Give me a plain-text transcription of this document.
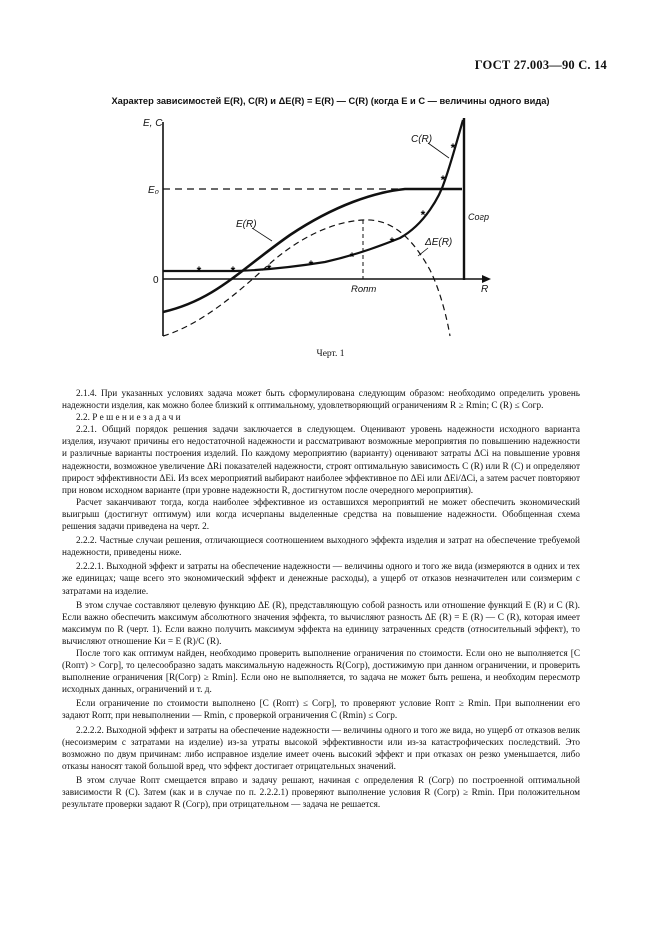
ГОСТ 27.003—90 С. 14
Характер зависимостей E(R), C(R) и ΔE(R) = E(R) — C(R) (когда E и C — величины одного вида)
* *	*	*
*
*
*
*
*
E, C
E₀
0
R
C(R)
E(R)
ΔE(R)
Cогр
Rопт
Черт. 1

2.1.4. При указанных условиях задача может быть сформулирована следующим образом: необходимо определить уровень надежности изделия, как можно более близкий к оптимальному, удовлетворяющий ограничениям R ≥ Rmin; C (R) ≤ Cогр.

2.2. Р е ш е н и е з а д а ч и

2.2.1. Общий порядок решения задачи заключается в следующем. Оценивают уровень надежности исходного варианта изделия, изучают причины его недостаточной надежности и рассматривают возможные мероприятия по повышению надежности и различные варианты построения изделий. По каждому мероприятию (варианту) оценивают затраты ΔCi на повышение уровня надежности, возможное увеличение ΔRi показателей надежности, строят оптимальную зависимость C (R) или R (C) и определяют прирост эффективности ΔEi. Из всех мероприятий выбирают наиболее эффективное по ΔEi или ΔEi/ΔCi, а затем расчет повторяют при новом исходном варианте (при уровне надежности R, достигнутом после очередного мероприятия).

Расчет заканчивают тогда, когда наиболее эффективное из оставшихся мероприятий не может обеспечить экономический выигрыш (достигнут оптимум) или когда исчерпаны выделенные средства на повышение надежности. Обобщенная схема решения задачи приведена на черт. 2.

2.2.2. Частные случаи решения, отличающиеся соотношением выходного эффекта изделия и затрат на обеспечение требуемой надежности, приведены ниже.

2.2.2.1. Выходной эффект и затраты на обеспечение надежности — величины одного и того же вида (измеряются в одних и тех же единицах; чаще всего это экономический эффект и денежные расходы), а ущерб от отказов незначителен или соизмерим с затратами на изделие.

В этом случае составляют целевую функцию ΔE (R), представляющую собой разность или отношение функций E (R) и C (R). Если важно обеспечить максимум абсолютного значения эффекта, то вычисляют разность ΔE (R) = E (R) — C (R), которая имеет максимум по R (черт. 1). Если важно получить максимум эффекта на единицу затраченных средств (относительный эффект), то вычисляют отношение Kи = E (R)/C (R).

После того как оптимум найден, необходимо проверить выполнение ограничения по стоимости. Если оно не выполняется [C (Rопт) > Cогр], то целесообразно задать максимальную надежность R(Cогр), достижимую при данном ограничении, и проверить выполнение ограничения [R(Cогр) ≥ Rmin]. Если оно не выполняется, то задача не может быть решена, и необходим пересмотр исходных данных, ограничений и т. д.

Если ограничение по стоимости выполнено [C (Rопт) ≤ Cогр], то проверяют условие Rопт ≥ Rmin. При выполнении его задают Rопт, при невыполнении — Rmin, с проверкой ограничения C (Rmin) ≤ Cогр.

2.2.2.2. Выходной эффект и затраты на обеспечение надежности — величины одного и того же вида, но ущерб от отказов велик (несоизмерим с затратами на изделие) из-за утраты высокой эффективности или из-за катастрофических последствий. Это возможно по двум причинам: либо исправное изделие имеет очень высокий эффект и при отказах он резко уменьшается, либо отказы наносят такой большой вред, что эффект достигает отрицательных значений.

В этом случае Rопт смещается вправо и задачу решают, начиная с определения R (Cогр) по построенной оптимальной зависимости R (C). Затем (как и в случае по п. 2.2.2.1) проверяют выполнение условия R (Cогр) ≥ Rmin. При положительном результате проверки задают R (Cогр), при отрицательном — задача не решается.
